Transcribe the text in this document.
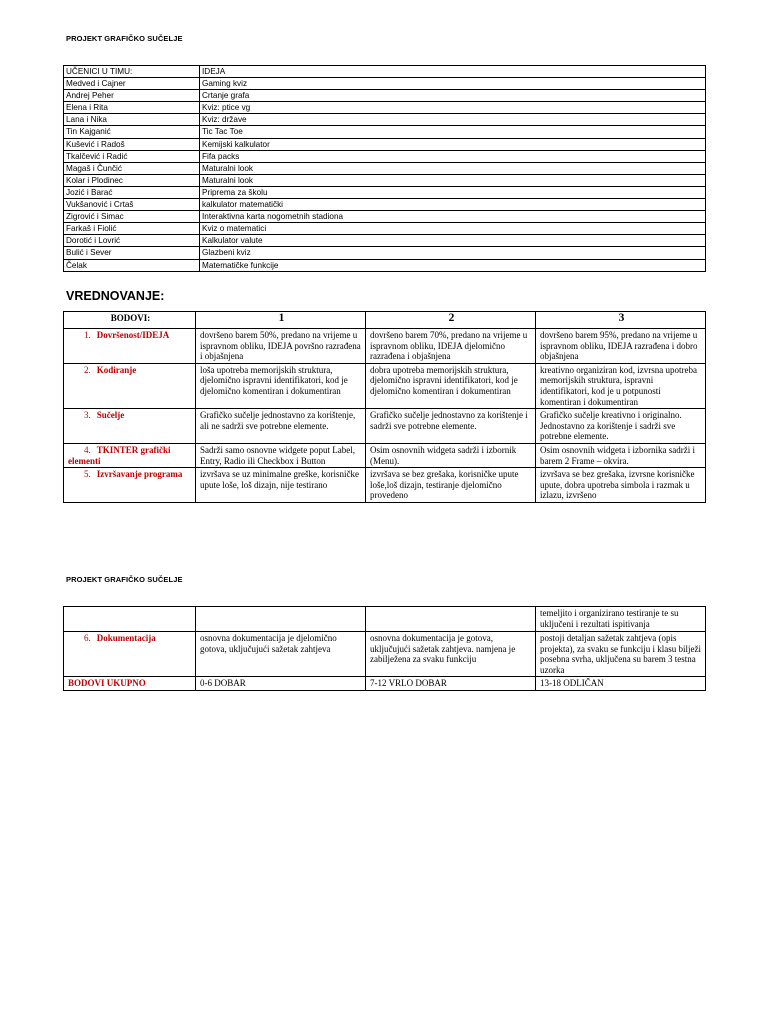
PROJEKT GRAFIČKO SUČELJE
UČENICI U TIMU:	IDEJA
Medved i Cajner	Gaming kviz
Andrej Peher	Crtanje grafa
Elena i Rita	Kviz: ptice vg
Lana i Nika	Kviz: države
Tin Kajganić	Tic Tac Toe
Kušević i Radoš	Kemijski kalkulator
Tkalčević i Radić	Fifa packs
Magaš i Čunčić	Maturalni look
Kolar i Plodinec	Maturalni look
Jozić i Barać	Priprema za školu
Vukšanović i Crtaš	kalkulator matematički
Zigrović i Simac	Interaktivna karta nogometnih stadiona
Farkaš i Fiolić	Kviz o matematici
Dorotić i Lovrić	Kalkulator valute
Bulić i Sever	Glazbeni kviz
Čelak	Matematičke funkcije
VREDNOVANJE:
BODOVI:	1	2	3
1. Dovršenost/IDEJA	dovršeno barem 50%, predano na vrijeme u ispravnom obliku, IDEJA površno razrađena i objašnjena	dovršeno barem 70%, predano na vrijeme u ispravnom obliku, IDEJA djelomično razrađena i objašnjena	dovršeno barem 95%, predano na vrijeme u ispravnom obliku, IDEJA razrađena i dobro objašnjena
2. Kodiranje	loša upotreba memorijskih struktura, djelomično ispravni identifikatori, kod je djelomično komentiran i dokumentiran	dobra upotreba memorijskih struktura, djelomično ispravni identifikatori, kod je djelomično komentiran i dokumentiran	kreativno organiziran kod, izvrsna upotreba memorijskih struktura, ispravni identifikatori, kod je u potpunosti komentiran i dokumentiran
3. Sučelje	Grafičko sučelje jednostavno za korištenje, ali ne sadrži sve potrebne elemente.	Grafičko sučelje jednostavno za korištenje i sadrži sve potrebne elemente.	Grafičko sučelje kreativno i originalno. Jednostavno za korištenje i sadrži sve potrebne elemente.
4. TKINTER grafički elementi	Sadrži samo osnovne widgete poput Label, Entry, Radio ili Checkbox i Button	Osim osnovnih widgeta sadrži i izbornik (Menu).	Osim osnovnih widgeta i izbornika sadrži i barem 2 Frame – okvira.
5. Izvršavanje programa	izvršava se uz minimalne greške, korisničke upute loše, loš dizajn, nije testirano	izvršava se bez grešaka, korisničke upute loše,loš dizajn, testiranje djelomično provedeno	izvršava se bez grešaka, izvrsne korisničke upute, dobra upotreba simbola i razmak u izlazu, izvršeno
PROJEKT GRAFIČKO SUČELJE
			temeljito i organizirano testiranje te su uključeni i rezultati ispitivanja
6. Dokumentacija	osnovna dokumentacija je djelomično gotova, uključujući sažetak zahtjeva	osnovna dokumentacija je gotova, uključujući sažetak zahtjeva. namjena je zabilježena za svaku funkciju	postoji detaljan sažetak zahtjeva (opis projekta), za svaku se funkciju i klasu bilježi posebna svrha, uključena su barem 3 testna uzorka
BODOVI UKUPNO	0-6 DOBAR	7-12 VRLO DOBAR	13-18 ODLIČAN
